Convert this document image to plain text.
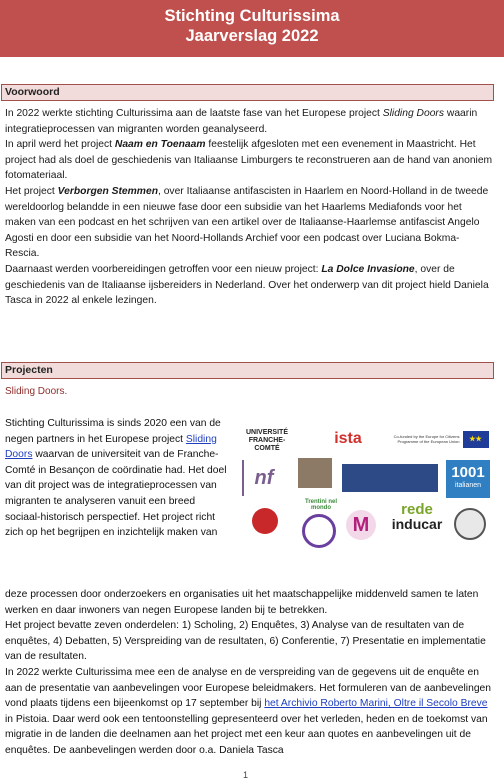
Stichting Culturissima
Jaarverslag 2022
Voorwoord

In 2022 werkte stichting Culturissima aan de laatste fase van het Europese project Sliding Doors waarin integratieprocessen van migranten worden geanalyseerd.

In april werd het project Naam en Toenaam feestelijk afgesloten met een evenement in Maastricht. Het project had als doel de geschiedenis van Italiaanse Limburgers te reconstrueren aan de hand van anoniem fotomateriaal.

Het project Verborgen Stemmen, over Italiaanse antifascisten in Haarlem en Noord-Holland in de tweede wereldoorlog belandde in een nieuwe fase door een subsidie van het Haarlems Mediafonds voor het maken van een podcast en het schrijven van een artikel over de Italiaanse-Haarlemse antifascist Angelo Agosti en door een subsidie van het Noord-Hollands Archief voor een podcast over Luciana Bokma-Rescia.

Daarnaast werden voorbereidingen getroffen voor een nieuw project: La Dolce Invasione, over de geschiedenis van de Italiaanse ijsbereiders in Nederland. Over het onderwerp van dit project hield Daniela Tasca in 2022 al enkele lezingen.

Projecten
Sliding Doors.

Stichting Culturissima is sinds 2020 een van de negen partners in het Europese project Sliding Doors waarvan de universiteit van de Franche-Comté in Besançon de coördinatie had. Het doel van dit project was de integratieprocessen van migranten te analyseren vanuit een breed sociaal-historisch perspectief. Het project richt zich op het begrijpen en inzichtelijk maken van

UNIVERSITÉ
FRANCHE-COMTÉ
ista	Co-funded by the Europe for Citizens Programme of the European Union	★★
nf	1001
italianen
Trentini nel mondo
M
rede
inducar

deze processen door onderzoekers en organisaties uit het maatschappelijke middenveld samen te laten werken en daar inwoners van negen Europese landen bij te betrekken.

Het project bevatte zeven onderdelen: 1) Scholing, 2) Enquêtes, 3) Analyse van de resultaten van de enquêtes, 4) Debatten, 5) Verspreiding van de resultaten, 6) Conferentie, 7) Presentatie en implementatie van de resultaten.

In 2022 werkte Culturissima mee een de analyse en de verspreiding van de gegevens uit de enquête en aan de presentatie van aanbevelingen voor Europese beleidmakers. Het formuleren van de aanbevelingen vond plaats tijdens een bijeenkomst op 17 september bij het Archivio Roberto Marini, Oltre il Secolo Breve in Pistoia. Daar werd ook een tentoonstelling gepresenteerd over het verleden, heden en de toekomst van migratie in de landen die deelnamen aan het project met een keur aan quotes en aanbevelingen uit de enquêtes. De aanbevelingen werden door o.a. Daniela Tasca

1
